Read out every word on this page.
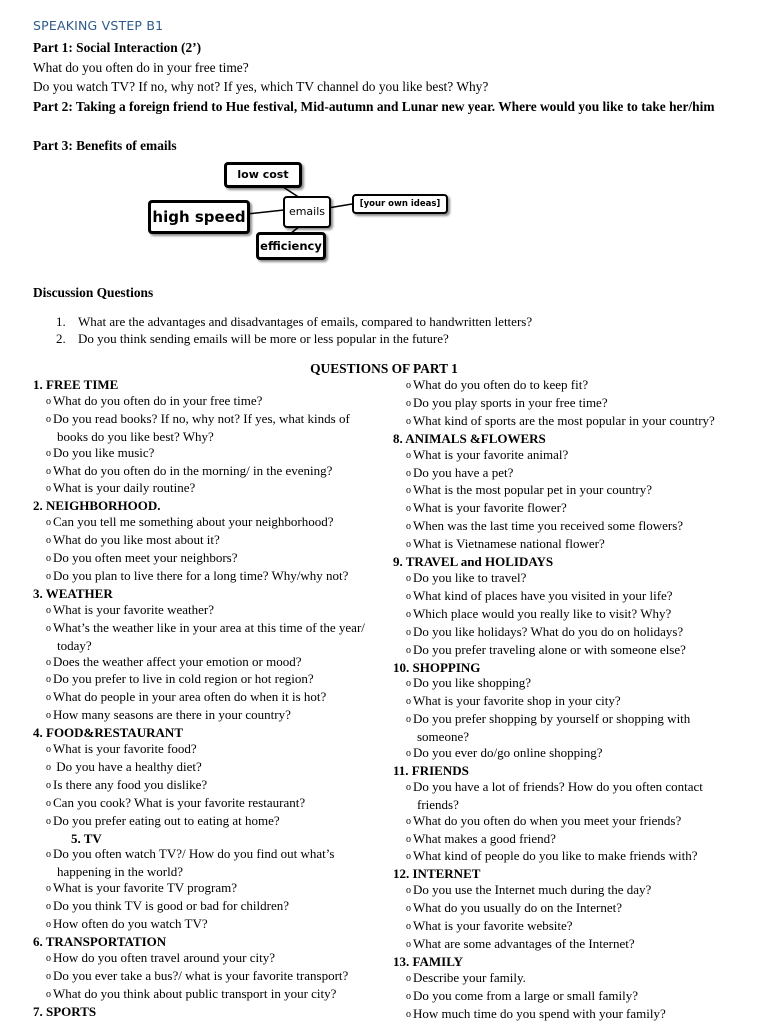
SPEAKING VSTEP B1
Part 1: Social Interaction (2’)
What do you often do in your free time?
Do you watch TV? If no, why not? If yes, which TV channel do you like best? Why?
Part 2: Taking a foreign friend to Hue festival, Mid-autumn and Lunar new year. Where would you like to take her/him
Part 3: Benefits of emails
low cost
high speed	emails
efficiency
[your own ideas]
Discussion Questions
1. What are the advantages and disadvantages of emails, compared to handwritten letters?
2. Do you think sending emails will be more or less popular in the future?
QUESTIONS OF PART 1
1. FREE TIME
o What do you often do in your free time?
o Do you read books? If no, why not? If yes, what kinds of books do you like best? Why?
o Do you like music?
o What do you often do in the morning/ in the evening?
o What is your daily routine?
2. NEIGHBORHOOD.
o Can you tell me something about your neighborhood?
o What do you like most about it?
o Do you often meet your neighbors?
o Do you plan to live there for a long time? Why/why not?
3. WEATHER
o What is your favorite weather?
o What’s the weather like in your area at this time of the year/ today?
o Does the weather affect your emotion or mood?
o Do you prefer to live in cold region or hot region?
o What do people in your area often do when it is hot?
o How many seasons are there in your country?
4. FOOD&RESTAURANT
o What is your favorite food?
o Do you have a healthy diet?
o Is there any food you dislike?
o Can you cook? What is your favorite restaurant?
o Do you prefer eating out to eating at home?
5. TV
o Do you often watch TV?/ How do you find out what’s happening in the world?
o What is your favorite TV program?
o Do you think TV is good or bad for children?
o How often do you watch TV?
6. TRANSPORTATION
o How do you often travel around your city?
o Do you ever take a bus?/ what is your favorite transport?
o What do you think about public transport in your city?
7. SPORTS
o What do you often do to keep fit?
o Do you play sports in your free time?
o What kind of sports are the most popular in your country?
8. ANIMALS &FLOWERS
o What is your favorite animal?
o Do you have a pet?
o What is the most popular pet in your country?
o What is your favorite flower?
o When was the last time you received some flowers?
o What is Vietnamese national flower?
9. TRAVEL and HOLIDAYS
o Do you like to travel?
o What kind of places have you visited in your life?
o Which place would you really like to visit? Why?
o Do you like holidays? What do you do on holidays?
o Do you prefer traveling alone or with someone else?
10. SHOPPING
o Do you like shopping?
o What is your favorite shop in your city?
o Do you prefer shopping by yourself or shopping with someone?
o Do you ever do/go online shopping?
11. FRIENDS
o Do you have a lot of friends? How do you often contact friends?
o What do you often do when you meet your friends?
o What makes a good friend?
o What kind of people do you like to make friends with?
12. INTERNET
o Do you use the Internet much during the day?
o What do you usually do on the Internet?
o What is your favorite website?
o What are some advantages of the Internet?
13. FAMILY
o Describe your family.
o Do you come from a large or small family?
o How much time do you spend with your family?
